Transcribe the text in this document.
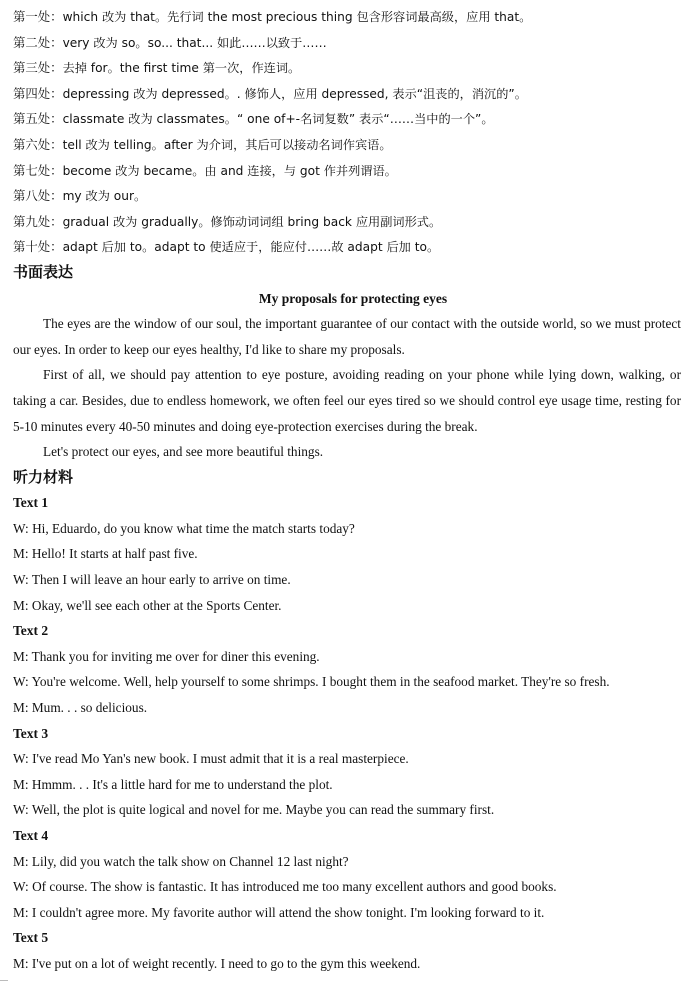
第一处：which 改为 that。先行词 the most precious thing 包含形容词最高级，应用 that。
第二处：very 改为 so。so... that... 如此……以致于……
第三处：去掉 for。the first time 第一次，作连词。
第四处：depressing 改为 depressed。. 修饰人，应用 depressed, 表示“沮丧的，消沉的”。
第五处：classmate 改为 classmates。“ one of+-名词复数” 表示“……当中的一个”。
第六处：tell 改为 telling。after 为介词，其后可以接动名词作宾语。
第七处：become 改为 became。由 and 连接，与 got 作并列谓语。
第八处：my 改为 our。
第九处：gradual 改为 gradually。修饰动词词组 bring back 应用副词形式。
第十处：adapt 后加 to。adapt to 使适应于，能应付……故 adapt 后加 to。
书面表达
My proposals for protecting eyes

The eyes are the window of our soul, the important guarantee of our contact with the outside world, so we must protect our eyes. In order to keep our eyes healthy, I'd like to share my proposals.

First of all, we should pay attention to eye posture, avoiding reading on your phone while lying down, walking, or taking a car. Besides, due to endless homework, we often feel our eyes tired so we should control eye usage time, resting for 5-10 minutes every 40-50 minutes and doing eye-protection exercises during the break.

Let's protect our eyes, and see more beautiful things.

听力材料
Text 1
W: Hi, Eduardo, do you know what time the match starts today?
M: Hello! It starts at half past five.
W: Then I will leave an hour early to arrive on time.
M: Okay, we'll see each other at the Sports Center.
Text 2
M: Thank you for inviting me over for diner this evening.
W: You're welcome. Well, help yourself to some shrimps. I bought them in the seafood market. They're so fresh.
M: Mum. . . so delicious.
Text 3
W: I've read Mo Yan's new book. I must admit that it is a real masterpiece.
M: Hmmm. . . It's a little hard for me to understand the plot.
W: Well, the plot is quite logical and novel for me. Maybe you can read the summary first.
Text 4
M: Lily, did you watch the talk show on Channel 12 last night?
W: Of course. The show is fantastic. It has introduced me too many excellent authors and good books.
M: I couldn't agree more. My favorite author will attend the show tonight. I'm looking forward to it.
Text 5
M: I've put on a lot of weight recently. I need to go to the gym this weekend.
